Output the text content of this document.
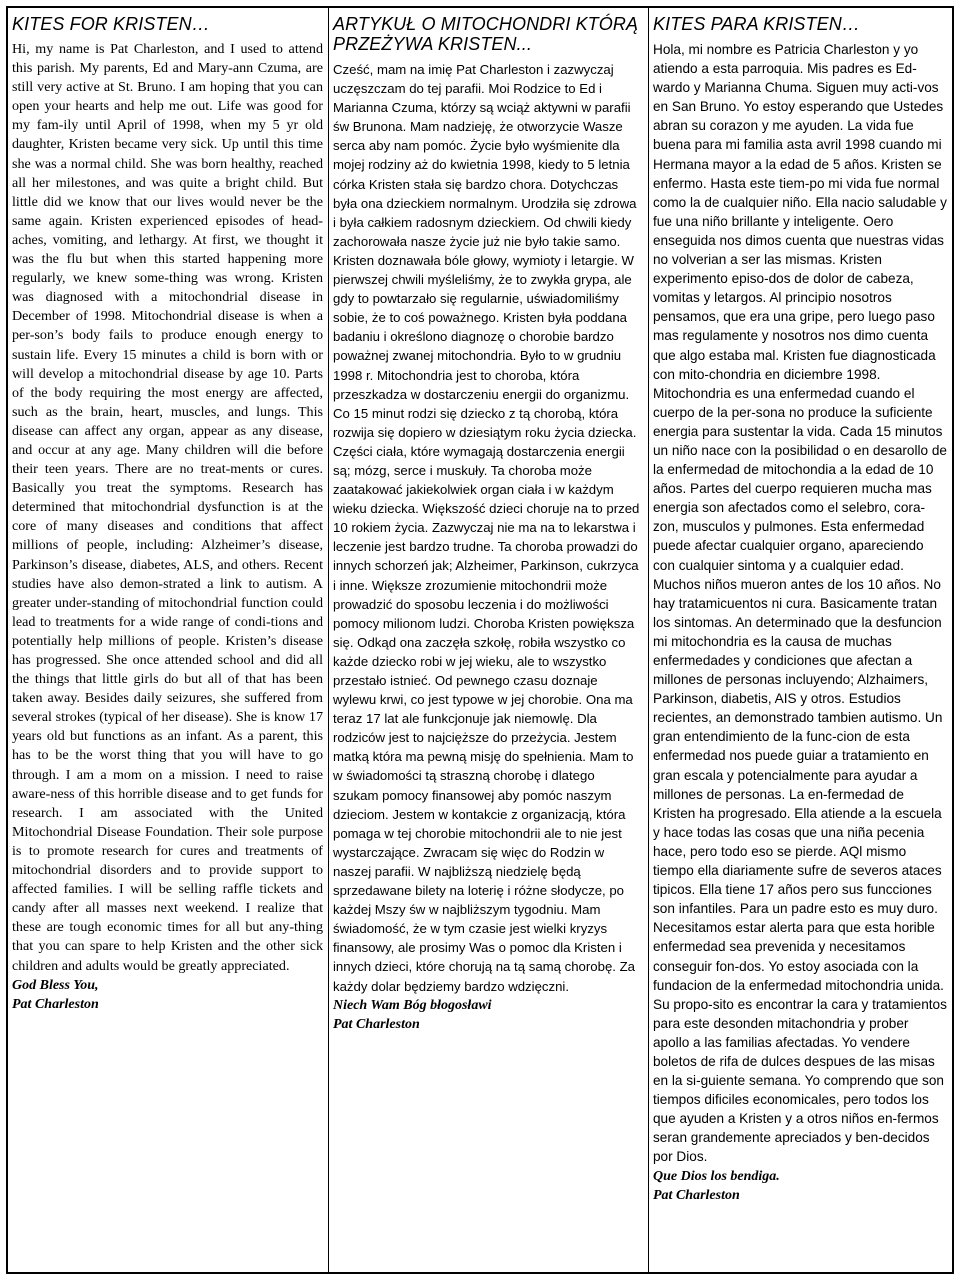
KITES FOR KRISTEN…

Hi, my name is Pat Charleston, and I used to attend this parish. My parents, Ed and Mary-ann Czuma, are still very active at St. Bruno. I am hoping that you can open your hearts and help me out. Life was good for my fam-ily until April of 1998, when my 5 yr old daughter, Kristen became very sick. Up until this time she was a normal child. She was born healthy, reached all her milestones, and was quite a bright child. But little did we know that our lives would never be the same again. Kristen experienced episodes of head-aches, vomiting, and lethargy. At first, we thought it was the flu but when this started happening more regularly, we knew some-thing was wrong. Kristen was diagnosed with a mitochondrial disease in December of 1998. Mitochondrial disease is when a per-son’s body fails to produce enough energy to sustain life. Every 15 minutes a child is born with or will develop a mitochondrial disease by age 10. Parts of the body requiring the most energy are affected, such as the brain, heart, muscles, and lungs. This disease can affect any organ, appear as any disease, and occur at any age. Many children will die before their teen years. There are no treat-ments or cures. Basically you treat the symptoms. Research has determined that mitochondrial dysfunction is at the core of many diseases and conditions that affect millions of people, including: Alzheimer’s disease, Parkinson’s disease, diabetes, ALS, and others. Recent studies have also demon-strated a link to autism. A greater under-standing of mitochondrial function could lead to treatments for a wide range of condi-tions and potentially help millions of people. Kristen’s disease has progressed. She once attended school and did all the things that little girls do but all of that has been taken away. Besides daily seizures, she suffered from several strokes (typical of her disease). She is know 17 years old but functions as an infant. As a parent, this has to be the worst thing that you will have to go through. I am a mom on a mission. I need to raise aware-ness of this horrible disease and to get funds for research. I am associated with the United Mitochondrial Disease Foundation. Their sole purpose is to promote research for cures and treatments of mitochondrial disorders and to provide support to affected families. I will be selling raffle tickets and candy after all masses next weekend. I realize that these are tough economic times for all but any-thing that you can spare to help Kristen and the other sick children and adults would be greatly appreciated.

God Bless You,

Pat Charleston

ARTYKUŁ O MITOCHONDRI KTÓRĄ PRZEŻYWA KRISTEN...

Cześć, mam na imię Pat Charleston i zazwyczaj uczęszczam do tej parafii. Moi Rodzice to Ed i Marianna Czuma, którzy są wciąż aktywni w parafii św Brunona. Mam nadzieję, że otworzycie Wasze serca aby nam pomóc. Życie było wyśmienite dla mojej rodziny aż do kwietnia 1998, kiedy to 5 letnia córka Kristen stała się bardzo chora. Dotychczas była ona dzieckiem normalnym. Urodziła się zdrowa i była całkiem radosnym dzieckiem. Od chwili kiedy zachorowała nasze życie już nie było takie samo. Kristen doznawała bóle głowy, wymioty i letargie. W pierwszej chwili myśleliśmy, że to zwykła grypa, ale gdy to powtarzało się regularnie, uświadomiliśmy sobie, że to coś poważnego. Kristen była poddana badaniu i określono diagnozę o chorobie bardzo poważnej zwanej mitochondria. Było to w grudniu 1998 r. Mitochondria jest to choroba, która przeszkadza w dostarczeniu energii do organizmu. Co 15 minut rodzi się dziecko z tą chorobą, która rozwija się dopiero w dziesiątym roku życia dziecka. Części ciała, które wymagają dostarczenia energii są; mózg, serce i muskuły. Ta choroba może zaatakować jakiekolwiek organ ciała i w każdym wieku dziecka. Większość dzieci choruje na to przed 10 rokiem życia. Zazwyczaj nie ma na to lekarstwa i leczenie jest bardzo trudne. Ta choroba prowadzi do innych schorzeń jak; Alzheimer, Parkinson, cukrzyca i inne. Większe zrozumienie mitochondrii może prowadzić do sposobu leczenia i do możliwości pomocy milionom ludzi. Choroba Kristen powiększa się. Odkąd ona zaczęła szkołę, robiła wszystko co każde dziecko robi w jej wieku, ale to wszystko przestało istnieć. Od pewnego czasu doznaje wylewu krwi, co jest typowe w jej chorobie. Ona ma teraz 17 lat ale funkcjonuje jak niemowlę. Dla rodziców jest to najcięższe do przeżycia. Jestem matką która ma pewną misję do spełnienia. Mam to w świadomości tą straszną chorobę i dlatego szukam pomocy finansowej aby pomóc naszym dzieciom. Jestem w kontakcie z organizacją, która pomaga w tej chorobie mitochondrii ale to nie jest wystarczające. Zwracam się więc do Rodzin w naszej parafii. W najbliższą niedzielę będą sprzedawane bilety na loterię i różne słodycze, po każdej Mszy św w najbliższym tygodniu. Mam świadomość, że w tym czasie jest wielki kryzys finansowy, ale prosimy Was o pomoc dla Kristen i innych dzieci, które chorują na tą samą chorobę. Za każdy dolar będziemy bardzo wdzięczni.

Niech Wam Bóg błogosławi

Pat Charleston

KITES PARA KRISTEN…

Hola, mi nombre es Patricia Charleston y yo atiendo a esta parroquia. Mis padres es Ed-wardo y Marianna Chuma. Siguen muy acti-vos en San Bruno. Yo estoy esperando que Ustedes abran su corazon y me ayuden. La vida fue buena para mi familia asta avril 1998 cuando mi Hermana mayor a la edad de 5 años. Kristen se enfermo. Hasta este tiem-po mi vida fue normal como la de cualquier niño. Ella nacio saludable y fue una niño brillante y inteligente. Oero enseguida nos dimos cuenta que nuestras vidas no volverian a ser las mismas. Kristen experimento episo-dos de dolor de cabeza, vomitas y letargos. Al principio nosotros pensamos, que era una gripe, pero luego paso mas regulamente y nosotros nos dimo cuenta que algo estaba mal. Kristen fue diagnosticada con mito-chondria en diciembre 1998. Mitochondria es una enfermedad cuando el cuerpo de la per-sona no produce la suficiente energia para sustentar la vida. Cada 15 minutos un niño nace con la posibilidad o en desarollo de la enfermedad de mitochondia a la edad de 10 años. Partes del cuerpo requieren mucha mas energia son afectados como el selebro, cora-zon, musculos y pulmones. Esta enfermedad puede afectar cualquier organo, apareciendo con cualquier sintoma y a cualquier edad. Muchos niños mueron antes de los 10 años. No hay tratamicuentos ni cura. Basicamente tratan los sintomas. An determinado que la desfuncion mi mitochondria es la causa de muchas enfermedades y condiciones que afectan a millones de personas incluyendo; Alzhaimers, Parkinson, diabetis, AIS y otros. Estudios recientes, an demonstrado tambien autismo. Un gran entendimiento de la func-cion de esta enfermedad nos puede guiar a tratamiento en gran escala y potencialmente para ayudar a millones de personas. La en-fermedad de Kristen ha progresado. Ella atiende a la escuela y hace todas las cosas que una niña pecenia hace, pero todo eso se pierde. AQl mismo tiempo ella diariamente sufre de severos ataces tipicos. Ella tiene 17 años pero sus funcciones son infantiles. Para un padre esto es muy duro. Necesitamos estar alerta para que esta horible enfermedad sea prevenida y necesitamos conseguir fon-dos. Yo estoy asociada con la fundacion de la enfermedad mitochondria unida. Su propo-sito es encontrar la cara y tratamientos para este desonden mitachondria y prober apollo a las familias afectadas. Yo vendere boletos de rifa de dulces despues de las misas en la si-guiente semana. Yo comprendo que son tiempos dificiles economicales, pero todos los que ayuden a Kristen y a otros niños en-fermos seran grandemente apreciados y ben-decidos por Dios.

Que Dios los bendiga.

Pat Charleston
